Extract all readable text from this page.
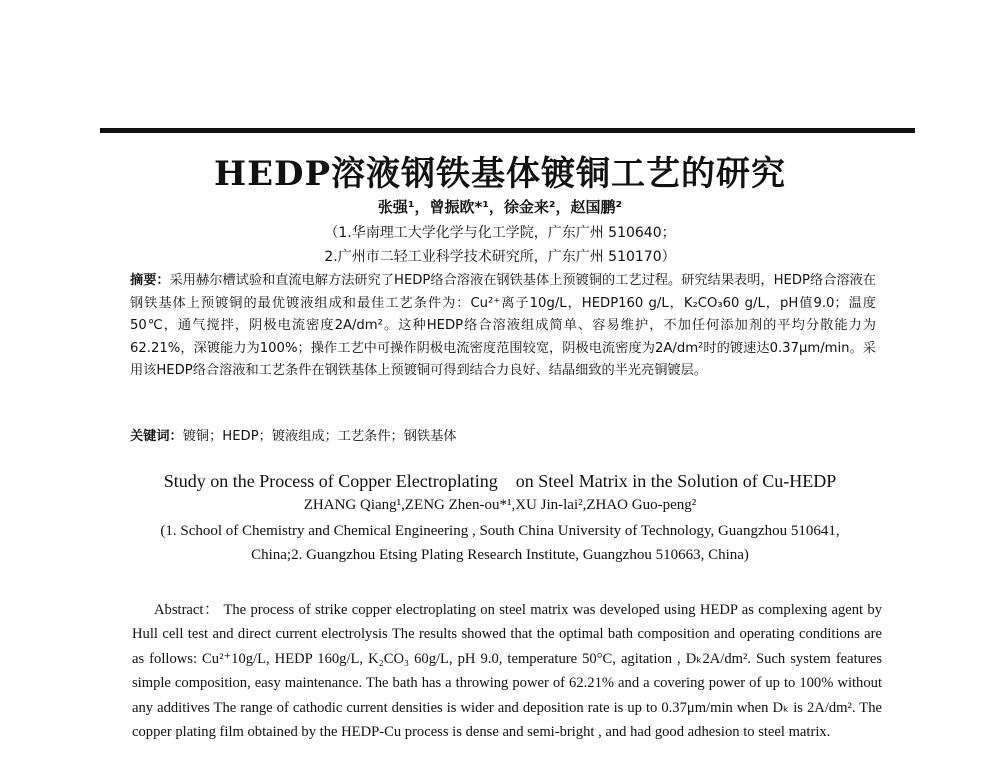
HEDP溶液钢铁基体镀铜工艺的研究
张强¹，曾振欧*¹，徐金来²，赵国鹏²
（1.华南理工大学化学与化工学院，广东广州 510640；
2.广州市二轻工业科学技术研究所，广东广州 510170）
摘要：采用赫尔槽试验和直流电解方法研究了HEDP络合溶液在钢铁基体上预镀铜的工艺过程。研究结果表明，HEDP络合溶液在钢铁基体上预镀铜的最优镀液组成和最佳工艺条件为：Cu²⁺离子10g/L，HEDP160 g/L，K₂CO₃60 g/L，pH值9.0；温度50℃，通气搅拌，阴极电流密度2A/dm²。这种HEDP络合溶液组成简单、容易维护，不加任何添加剂的平均分散能力为62.21%，深镀能力为100%；操作工艺中可操作阴极电流密度范围较宽，阴极电流密度为2A/dm²时的镀速达0.37μm/min。采用该HEDP络合溶液和工艺条件在钢铁基体上预镀铜可得到结合力良好、结晶细致的半光亮铜镀层。
关键词：镀铜；HEDP；镀液组成；工艺条件；钢铁基体
Study on the Process of Copper Electroplating    on Steel Matrix in the Solution of Cu-HEDP
ZHANG Qiang¹,ZENG Zhen-ou*¹,XU Jin-lai²,ZHAO Guo-peng²
(1. School of Chemistry and Chemical Engineering , South China University of Technology, Guangzhou 510641,
China;2. Guangzhou Etsing Plating Research Institute, Guangzhou 510663, China)
Abstract： The process of strike copper electroplating on steel matrix was developed using HEDP as complexing agent by Hull cell test and direct current electrolysis The results showed that the optimal bath composition and operating conditions are as follows: Cu²⁺10g/L, HEDP 160g/L, K₂CO₃ 60g/L, pH 9.0, temperature 50°C, agitation , Dₖ2A/dm². Such system features simple composition, easy maintenance. The bath has a throwing power of 62.21% and a covering power of up to 100% without any additives The range of cathodic current densities is wider and deposition rate is up to 0.37μm/min when Dₖ is 2A/dm². The copper plating film obtained by the HEDP-Cu process is dense and semi-bright , and had good adhesion to steel matrix.
